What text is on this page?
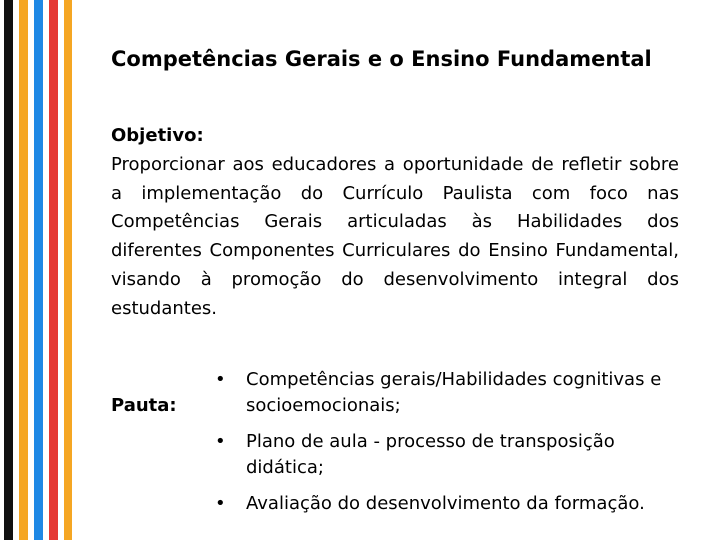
Competências Gerais e o Ensino Fundamental
Objetivo:
Proporcionar aos educadores a oportunidade de refletir sobre a implementação do Currículo Paulista com foco nas Competências Gerais articuladas às Habilidades dos diferentes Componentes Curriculares do Ensino Fundamental, visando à promoção do desenvolvimento integral dos estudantes.
Pauta:
• Competências gerais/Habilidades cognitivas e socioemocionais;
• Plano de aula - processo de transposição didática;
• Avaliação do desenvolvimento da formação.
